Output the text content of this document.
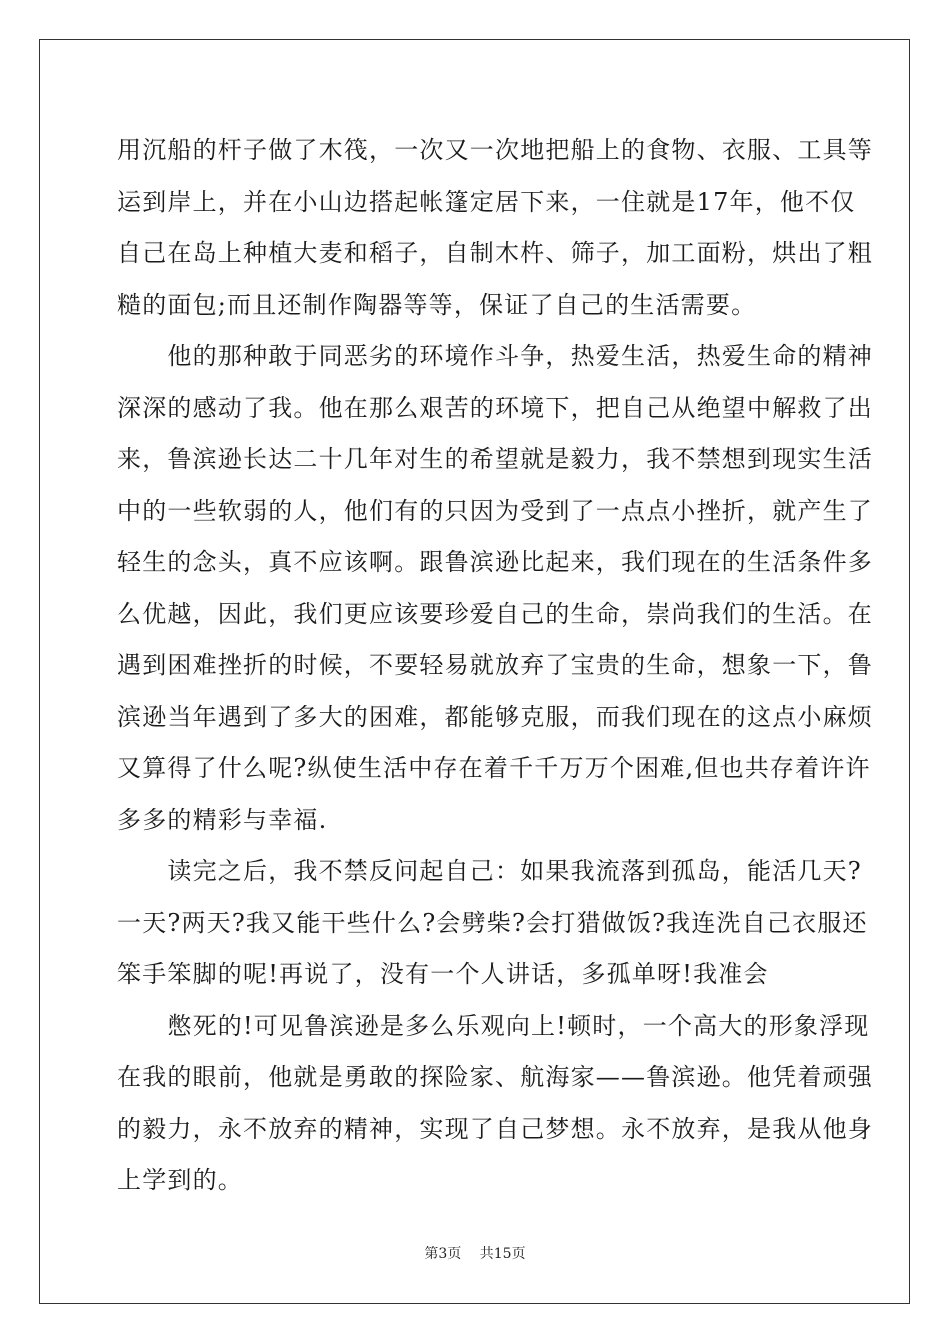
用沉船的杆子做了木筏，一次又一次地把船上的食物、衣服、工具等
运到岸上，并在小山边搭起帐篷定居下来，一住就是17年，他不仅
自己在岛上种植大麦和稻子，自制木杵、筛子，加工面粉，烘出了粗
糙的面包;而且还制作陶器等等，保证了自己的生活需要。
　　他的那种敢于同恶劣的环境作斗争，热爱生活，热爱生命的精神
深深的感动了我。他在那么艰苦的环境下，把自己从绝望中解救了出
来，鲁滨逊长达二十几年对生的希望就是毅力，我不禁想到现实生活
中的一些软弱的人，他们有的只因为受到了一点点小挫折，就产生了
轻生的念头，真不应该啊。跟鲁滨逊比起来，我们现在的生活条件多
么优越，因此，我们更应该要珍爱自己的生命，崇尚我们的生活。在
遇到困难挫折的时候，不要轻易就放弃了宝贵的生命，想象一下，鲁
滨逊当年遇到了多大的困难，都能够克服，而我们现在的这点小麻烦
又算得了什么呢?纵使生活中存在着千千万万个困难,但也共存着许许
多多的精彩与幸福.
　　读完之后，我不禁反问起自己：如果我流落到孤岛，能活几天?
一天?两天?我又能干些什么?会劈柴?会打猎做饭?我连洗自己衣服还
笨手笨脚的呢!再说了，没有一个人讲话，多孤单呀!我准会
　　憋死的!可见鲁滨逊是多么乐观向上!顿时，一个高大的形象浮现
在我的眼前，他就是勇敢的探险家、航海家——鲁滨逊。他凭着顽强
的毅力，永不放弃的精神，实现了自己梦想。永不放弃，是我从他身
上学到的。
第3页　 共15页
